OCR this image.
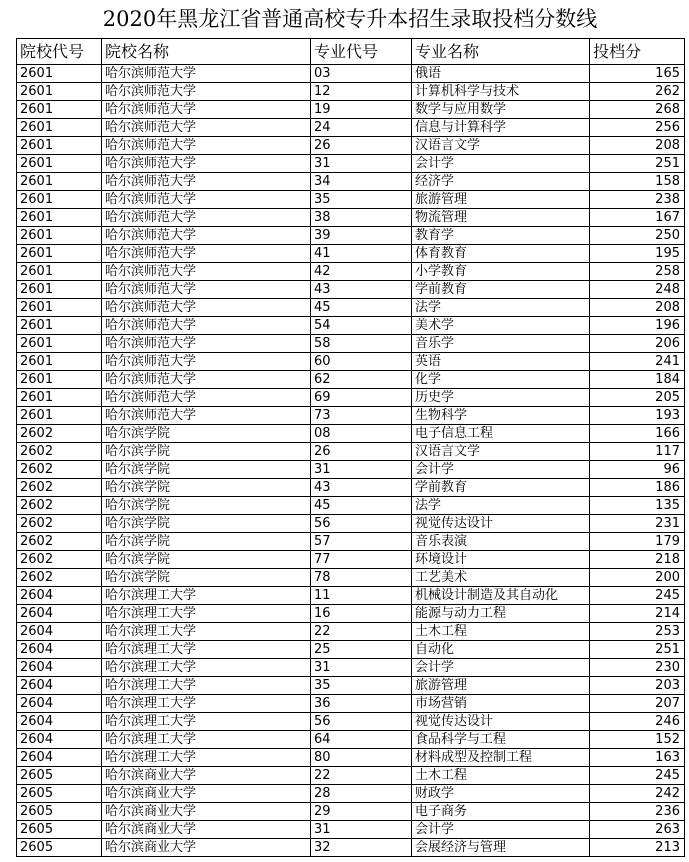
2020年黑龙江省普通高校专升本招生录取投档分数线
院校代号	院校名称	专业代号	专业名称	投档分
2601	哈尔滨师范大学	03	俄语	165
2601	哈尔滨师范大学	12	计算机科学与技术	262
2601	哈尔滨师范大学	19	数学与应用数学	268
2601	哈尔滨师范大学	24	信息与计算科学	256
2601	哈尔滨师范大学	26	汉语言文学	208
2601	哈尔滨师范大学	31	会计学	251
2601	哈尔滨师范大学	34	经济学	158
2601	哈尔滨师范大学	35	旅游管理	238
2601	哈尔滨师范大学	38	物流管理	167
2601	哈尔滨师范大学	39	教育学	250
2601	哈尔滨师范大学	41	体育教育	195
2601	哈尔滨师范大学	42	小学教育	258
2601	哈尔滨师范大学	43	学前教育	248
2601	哈尔滨师范大学	45	法学	208
2601	哈尔滨师范大学	54	美术学	196
2601	哈尔滨师范大学	58	音乐学	206
2601	哈尔滨师范大学	60	英语	241
2601	哈尔滨师范大学	62	化学	184
2601	哈尔滨师范大学	69	历史学	205
2601	哈尔滨师范大学	73	生物科学	193
2602	哈尔滨学院	08	电子信息工程	166
2602	哈尔滨学院	26	汉语言文学	117
2602	哈尔滨学院	31	会计学	96
2602	哈尔滨学院	43	学前教育	186
2602	哈尔滨学院	45	法学	135
2602	哈尔滨学院	56	视觉传达设计	231
2602	哈尔滨学院	57	音乐表演	179
2602	哈尔滨学院	77	环境设计	218
2602	哈尔滨学院	78	工艺美术	200
2604	哈尔滨理工大学	11	机械设计制造及其自动化	245
2604	哈尔滨理工大学	16	能源与动力工程	214
2604	哈尔滨理工大学	22	土木工程	253
2604	哈尔滨理工大学	25	自动化	251
2604	哈尔滨理工大学	31	会计学	230
2604	哈尔滨理工大学	35	旅游管理	203
2604	哈尔滨理工大学	36	市场营销	207
2604	哈尔滨理工大学	56	视觉传达设计	246
2604	哈尔滨理工大学	64	食品科学与工程	152
2604	哈尔滨理工大学	80	材料成型及控制工程	163
2605	哈尔滨商业大学	22	土木工程	245
2605	哈尔滨商业大学	28	财政学	242
2605	哈尔滨商业大学	29	电子商务	236
2605	哈尔滨商业大学	31	会计学	263
2605	哈尔滨商业大学	32	会展经济与管理	213
